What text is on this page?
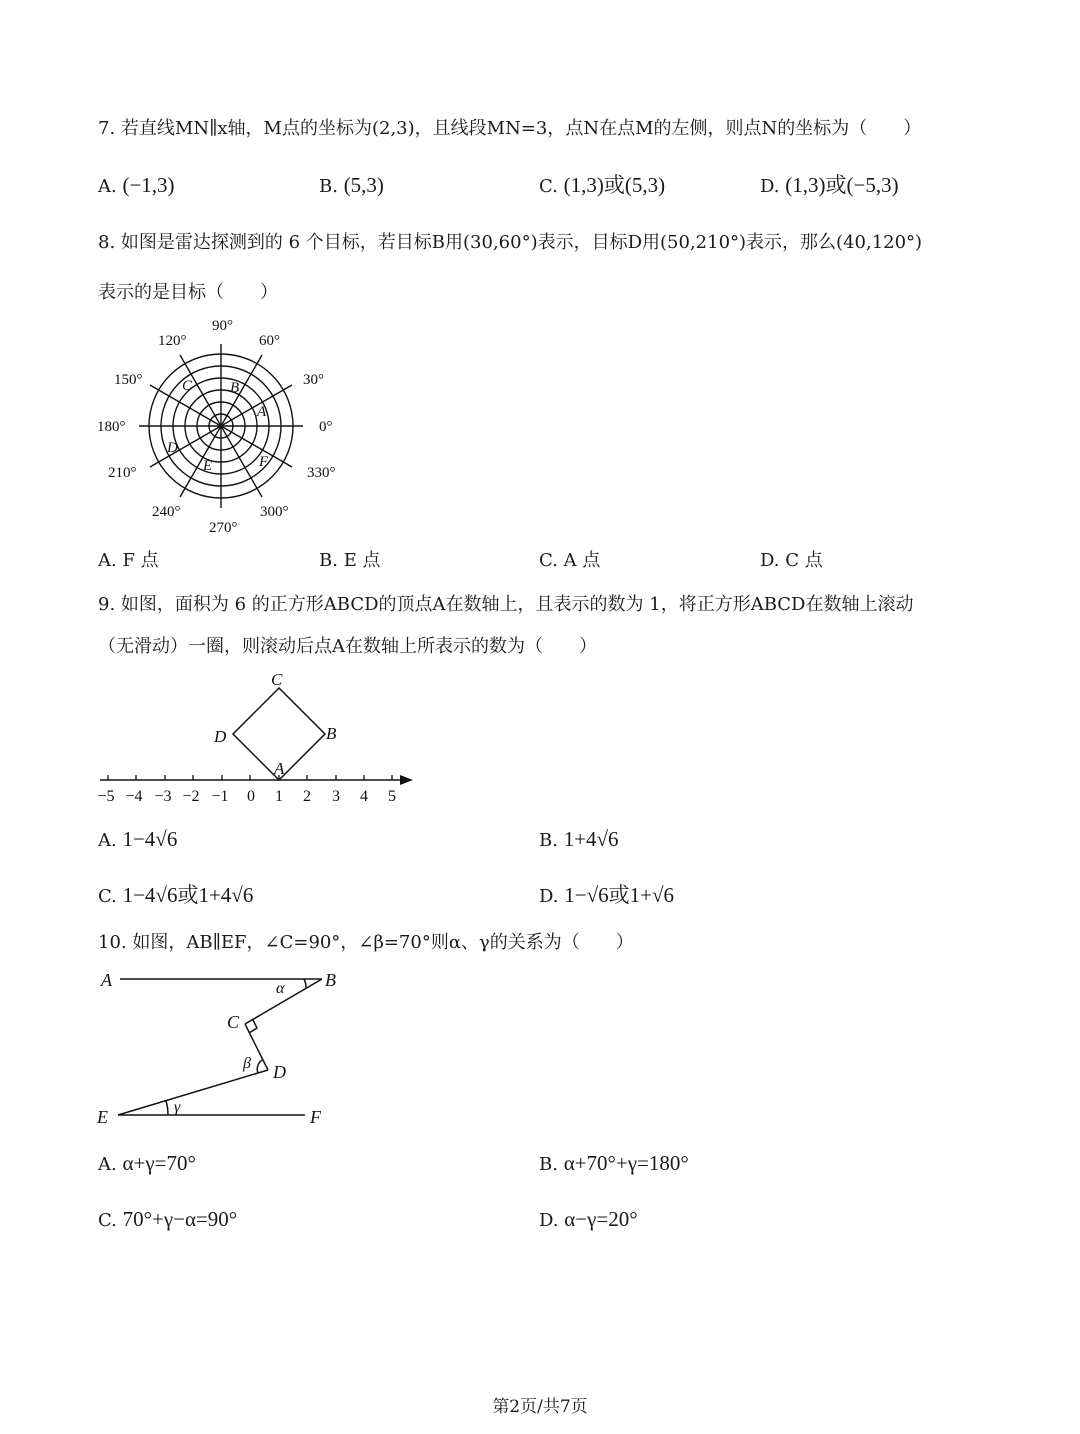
7. 若直线MN∥x轴，M点的坐标为(2,3)，且线段MN=3，点N在点M的左侧，则点N的坐标为（　　）
A. (−1,3)	B. (5,3)	C. (1,3)或(5,3)	D. (1,3)或(−5,3)
8. 如图是雷达探测到的 6 个目标，若目标B用(30,60°)表示，目标D用(50,210°)表示，那么(40,120°)
表示的是目标（　　）
0°
30°
60°
90°
120°
150°
180°
210°
240°
270°
300°
330°
A
B
C
D
E	F
A. F 点	B. E 点	C. A 点	D. C 点
9. 如图，面积为 6 的正方形ABCD的顶点A在数轴上，且表示的数为 1，将正方形ABCD在数轴上滚动
（无滑动）一圈，则滚动后点A在数轴上所表示的数为（　　）
−5 −4 −3 −2 −1 0 1 2 3 4 5
C
D	B
A
A. 1−4√6	B. 1+4√6
C. 1−4√6或1+4√6	D. 1−√6或1+√6
10. 如图，AB∥EF，∠C=90°，∠β=70°则α、γ的关系为（　　）
A	B
C
D
E	F
α
β
γ
A. α+γ=70°	B. α+70°+γ=180°
C. 70°+γ−α=90°	D. α−γ=20°
第2页/共7页
